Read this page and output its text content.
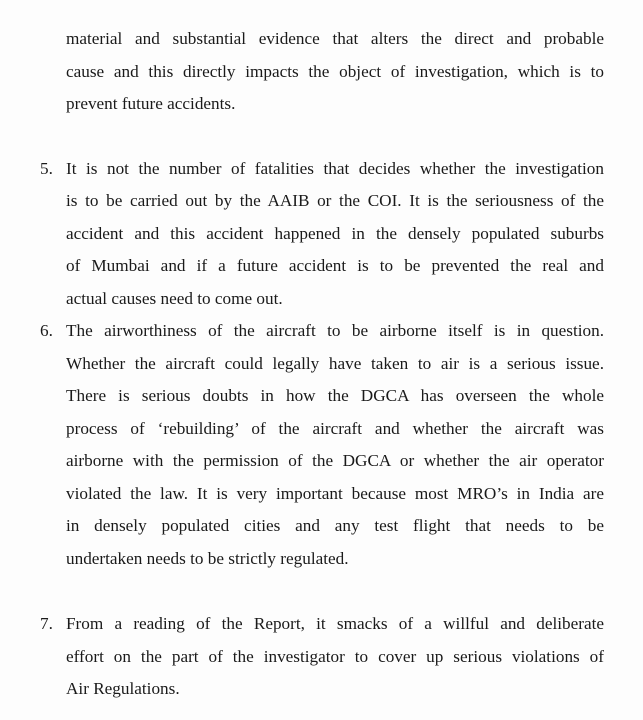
material and substantial evidence that alters the direct and probable

cause and this directly impacts the object of investigation, which is to

prevent future accidents.

5. It is not the number of fatalities that decides whether the investigation

is to be carried out by the AAIB or the COI. It is the seriousness of the

accident and this accident happened in the densely populated suburbs

of Mumbai and if a future accident is to be prevented the real and

actual causes need to come out.

6. The airworthiness of the aircraft to be airborne itself is in question.

Whether the aircraft could legally have taken to air is a serious issue.

There is serious doubts in how the DGCA has overseen the whole

process of ‘rebuilding’ of the aircraft and whether the aircraft was

airborne with the permission of the DGCA or whether the air operator

violated the law. It is very important because most MRO’s in India are

in densely populated cities and any test flight that needs to be

undertaken needs to be strictly regulated.

7. From a reading of the Report, it smacks of a willful and deliberate

effort on the part of the investigator to cover up serious violations of

Air Regulations.
